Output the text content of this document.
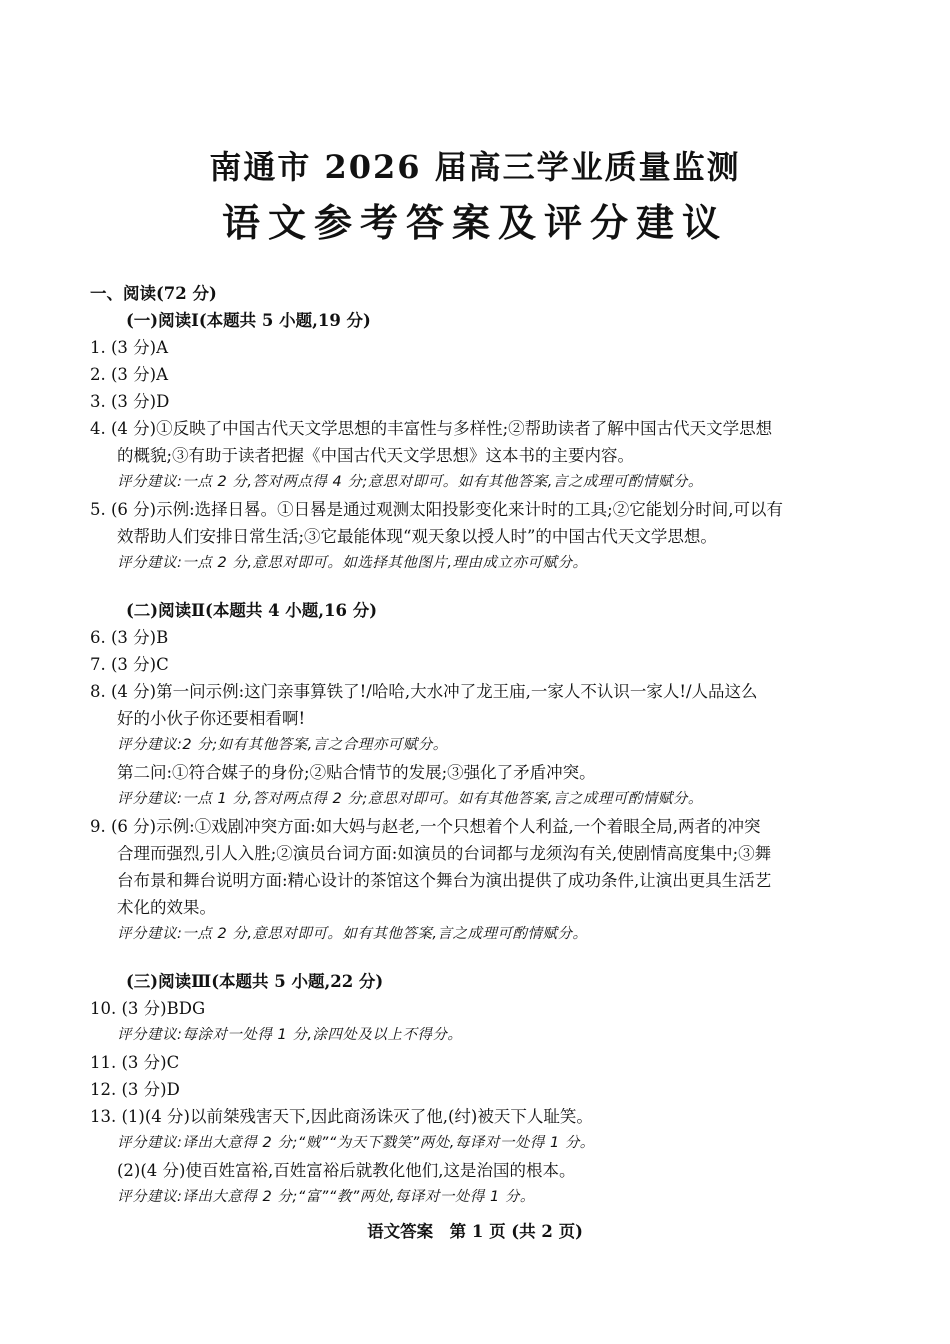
南通市 2026 届高三学业质量监测
语文参考答案及评分建议
一、阅读(72 分)
(一)阅读Ⅰ(本题共 5 小题,19 分)
1. (3 分)A
2. (3 分)A
3. (3 分)D
4. (4 分)①反映了中国古代天文学思想的丰富性与多样性;②帮助读者了解中国古代天文学思想
的概貌;③有助于读者把握《中国古代天文学思想》这本书的主要内容。
评分建议:一点 2 分,答对两点得 4 分;意思对即可。如有其他答案,言之成理可酌情赋分。
5. (6 分)示例:选择日晷。①日晷是通过观测太阳投影变化来计时的工具;②它能划分时间,可以有
效帮助人们安排日常生活;③它最能体现“观天象以授人时”的中国古代天文学思想。
评分建议:一点 2 分,意思对即可。如选择其他图片,理由成立亦可赋分。
(二)阅读Ⅱ(本题共 4 小题,16 分)
6. (3 分)B
7. (3 分)C
8. (4 分)第一问示例:这门亲事算铁了!/哈哈,大水冲了龙王庙,一家人不认识一家人!/人品这么
好的小伙子你还要相看啊!
评分建议:2 分;如有其他答案,言之合理亦可赋分。
第二问:①符合媒子的身份;②贴合情节的发展;③强化了矛盾冲突。
评分建议:一点 1 分,答对两点得 2 分;意思对即可。如有其他答案,言之成理可酌情赋分。
9. (6 分)示例:①戏剧冲突方面:如大妈与赵老,一个只想着个人利益,一个着眼全局,两者的冲突
合理而强烈,引人入胜;②演员台词方面:如演员的台词都与龙须沟有关,使剧情高度集中;③舞
台布景和舞台说明方面:精心设计的茶馆这个舞台为演出提供了成功条件,让演出更具生活艺
术化的效果。
评分建议:一点 2 分,意思对即可。如有其他答案,言之成理可酌情赋分。
(三)阅读Ⅲ(本题共 5 小题,22 分)
10. (3 分)BDG
评分建议:每涂对一处得 1 分,涂四处及以上不得分。
11. (3 分)C
12. (3 分)D
13. (1)(4 分)以前桀残害天下,因此商汤诛灭了他,(纣)被天下人耻笑。
评分建议:译出大意得 2 分;“贼”“为天下戮笑”两处,每译对一处得 1 分。
(2)(4 分)使百姓富裕,百姓富裕后就教化他们,这是治国的根本。
评分建议:译出大意得 2 分;“富”“教”两处,每译对一处得 1 分。
语文答案　第 1 页 (共 2 页)
